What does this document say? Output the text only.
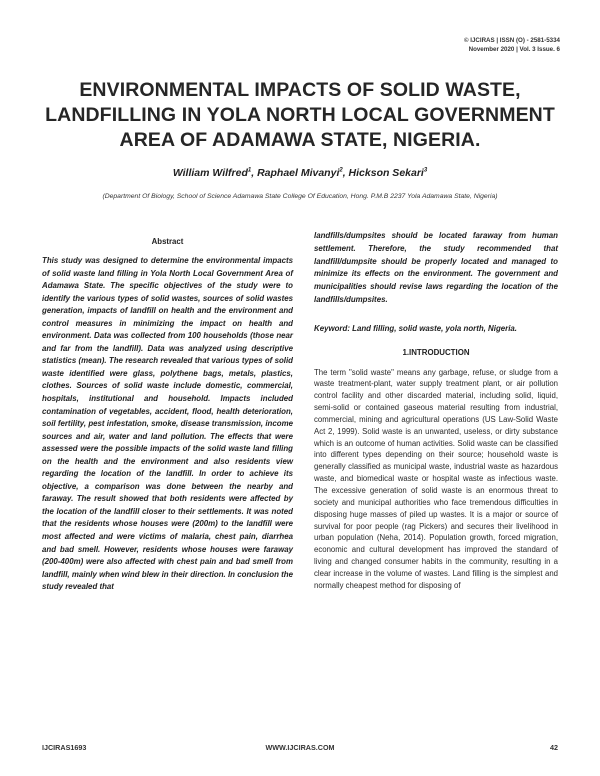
© IJCIRAS | ISSN (O) - 2581-5334
November 2020 | Vol. 3 Issue. 6
ENVIRONMENTAL IMPACTS OF SOLID WASTE, LANDFILLING IN YOLA NORTH LOCAL GOVERNMENT AREA OF ADAMAWA STATE, NIGERIA.
William Wilfred$^1$, Raphael Mivanyi$^2$, Hickson Sekari$^3$
(Department Of Biology, School of Science Adamawa State College Of Education, Hong. P.M.B 2237 Yola Adamawa State, Nigeria)
Abstract

This study was designed to determine the environmental impacts of solid waste land filling in Yola North Local Government Area of Adamawa State. The specific objectives of the study were to identify the various types of solid wastes, sources of solid wastes generation, impacts of landfill on health and the environment and control measures in minimizing the impact on health and environment. Data was collected from 100 households (those near and far from the landfill). Data was analyzed using descriptive statistics (mean). The research revealed that various types of solid waste identified were glass, polythene bags, metals, plastics, clothes. Sources of solid waste include domestic, commercial, hospitals, institutional and household. Impacts included contamination of vegetables, accident, flood, health deterioration, soil fertility, pest infestation, smoke, disease transmission, income sources and air, water and land pollution. The effects that were assessed were the possible impacts of the solid waste land filling on the health and the environment and also residents view regarding the location of the landfill. In order to achieve its objective, a comparison was done between the nearby and faraway. The result showed that both residents were affected by the location of the landfill closer to their settlements. It was noted that the residents whose houses were (200m) to the landfill were most affected and were victims of malaria, chest pain, diarrhea and bad smell. However, residents whose houses were faraway (200-400m) were also affected with chest pain and bad smell from landfill, mainly when wind blew in their direction. In conclusion the study revealed that

landfills/dumpsites should be located faraway from human settlement. Therefore, the study recommended that landfill/dumpsite should be properly located and managed to minimize its effects on the environment. The government and municipalities should revise laws regarding the location of the landfills/dumpsites.

Keyword: Land filling, solid waste, yola north, Nigeria.

1.INTRODUCTION

The term "solid waste" means any garbage, refuse, or sludge from a waste treatment-plant, water supply treatment plant, or air pollution control facility and other discarded material, including solid, liquid, semi-solid or contained gaseous material resulting from industrial, commercial, mining and agricultural operations (US Law-Solid Waste Act 2, 1999). Solid waste is an unwanted, useless, or dirty substance which is an outcome of human activities. Solid waste can be classified into different types depending on their source; household waste is generally classified as municipal waste, industrial waste as hazardous waste, and biomedical waste or hospital waste as infectious waste. The excessive generation of solid waste is an enormous threat to society and municipal authorities who face tremendous difficulties in disposing huge masses of piled up wastes. It is a major or source of survival for poor people (rag Pickers) and secures their livelihood in urban population (Neha, 2014). Population growth, forced migration, economic and cultural development has improved the standard of living and changed consumer habits in the community, resulting in a clear increase in the volume of wastes. Land filling is the simplest and normally cheapest method for disposing of

IJCIRAS1693	WWW.IJCIRAS.COM	42
